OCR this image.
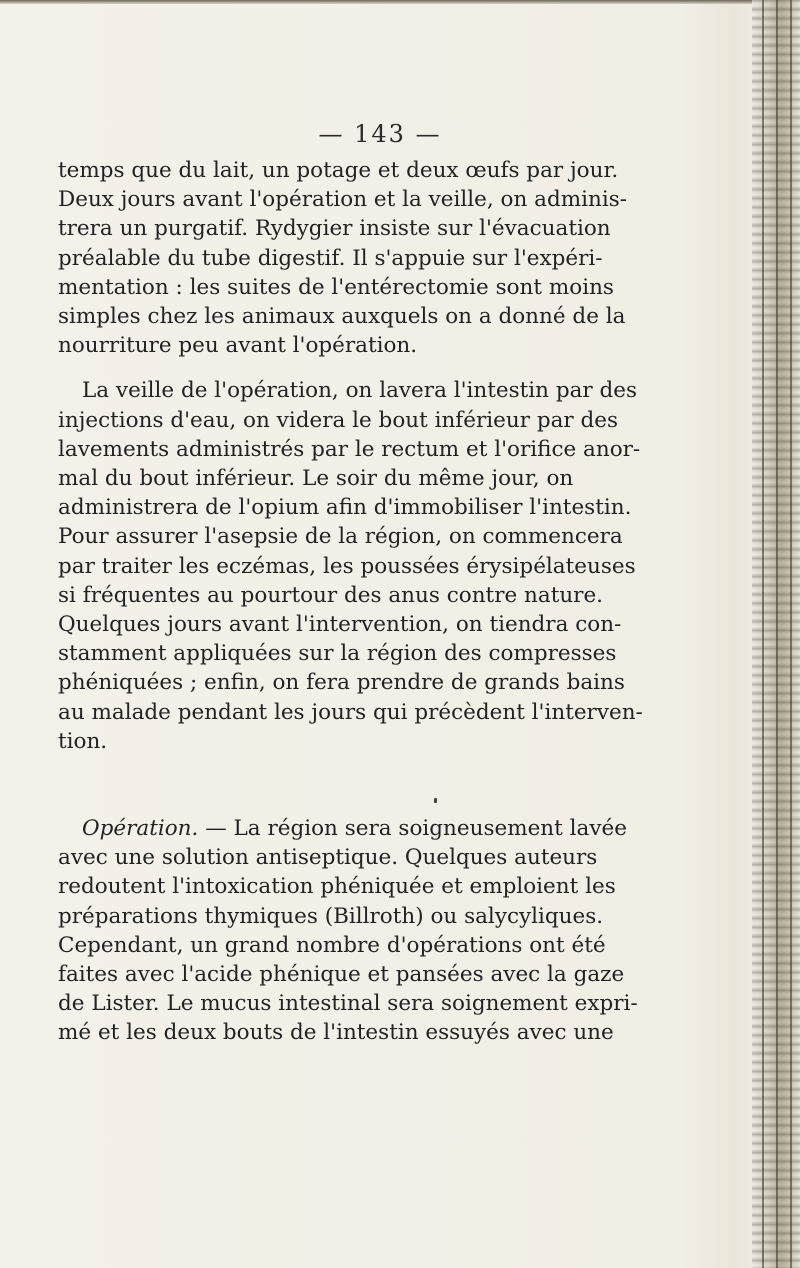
— 143 —

temps que du lait, un potage et deux œufs par jour.
Deux jours avant l'opération et la veille, on adminis-
trera un purgatif. Rydygier insiste sur l'évacuation
préalable du tube digestif. Il s'appuie sur l'expéri-
mentation : les suites de l'entérectomie sont moins
simples chez les animaux auxquels on a donné de la
nourriture peu avant l'opération.

La veille de l'opération, on lavera l'intestin par des
injections d'eau, on videra le bout inférieur par des
lavements administrés par le rectum et l'orifice anor-
mal du bout inférieur. Le soir du même jour, on
administrera de l'opium afin d'immobiliser l'intestin.
Pour assurer l'asepsie de la région, on commencera
par traiter les eczémas, les poussées érysipélateuses
si fréquentes au pourtour des anus contre nature.
Quelques jours avant l'intervention, on tiendra con-
stamment appliquées sur la région des compresses
phéniquées ; enfin, on fera prendre de grands bains
au malade pendant les jours qui précèdent l'interven-
tion.

Opération. — La région sera soigneusement lavée
avec une solution antiseptique. Quelques auteurs
redoutent l'intoxication phéniquée et emploient les
préparations thymiques (Billroth) ou salycyliques.
Cependant, un grand nombre d'opérations ont été
faites avec l'acide phénique et pansées avec la gaze
de Lister. Le mucus intestinal sera soignement expri-
mé et les deux bouts de l'intestin essuyés avec une
